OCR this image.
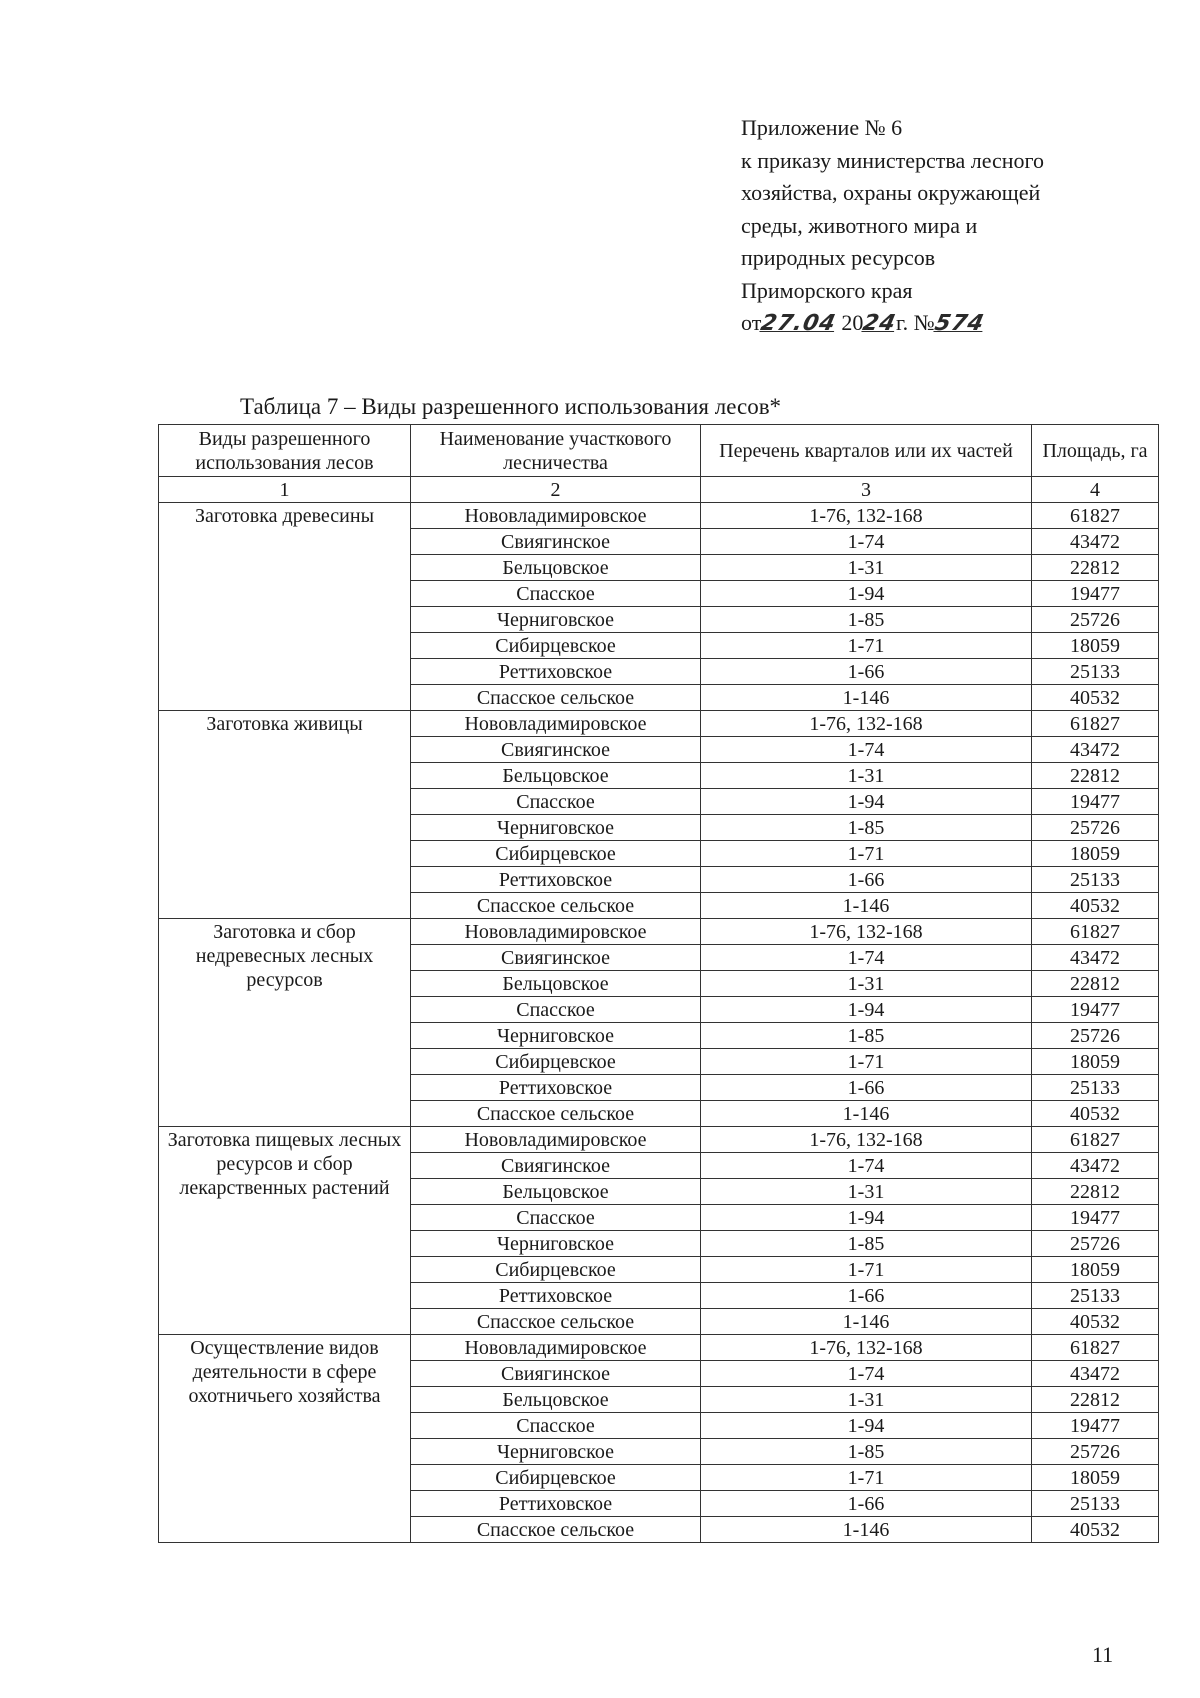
Приложение № 6
к приказу министерства лесного
хозяйства, охраны окружающей
среды, животного мира и
природных ресурсов
Приморского края
от27.04 2024г. №574
Таблица 7 – Виды разрешенного использования лесов*
Виды разрешенного использования лесов	Наименование участкового лесничества	Перечень кварталов или их частей	Площадь, га
1	2	3	4
Заготовка древесины	Нововладимировское	1-76, 132-168	61827
	Свиягинское	1-74	43472
	Бельцовское	1-31	22812
	Спасское	1-94	19477
	Черниговское	1-85	25726
	Сибирцевское	1-71	18059
	Реттиховское	1-66	25133
	Спасское сельское	1-146	40532
Заготовка живицы	Нововладимировское	1-76, 132-168	61827
	Свиягинское	1-74	43472
	Бельцовское	1-31	22812
	Спасское	1-94	19477
	Черниговское	1-85	25726
	Сибирцевское	1-71	18059
	Реттиховское	1-66	25133
	Спасское сельское	1-146	40532
Заготовка и сбор недревесных лесных ресурсов	Нововладимировское	1-76, 132-168	61827
	Свиягинское	1-74	43472
	Бельцовское	1-31	22812
	Спасское	1-94	19477
	Черниговское	1-85	25726
	Сибирцевское	1-71	18059
	Реттиховское	1-66	25133
	Спасское сельское	1-146	40532
Заготовка пищевых лесных ресурсов и сбор лекарственных растений	Нововладимировское	1-76, 132-168	61827
	Свиягинское	1-74	43472
	Бельцовское	1-31	22812
	Спасское	1-94	19477
	Черниговское	1-85	25726
	Сибирцевское	1-71	18059
	Реттиховское	1-66	25133
	Спасское сельское	1-146	40532
Осуществление видов деятельности в сфере охотничьего хозяйства	Нововладимировское	1-76, 132-168	61827
	Свиягинское	1-74	43472
	Бельцовское	1-31	22812
	Спасское	1-94	19477
	Черниговское	1-85	25726
	Сибирцевское	1-71	18059
	Реттиховское	1-66	25133
	Спасское сельское	1-146	40532
11
